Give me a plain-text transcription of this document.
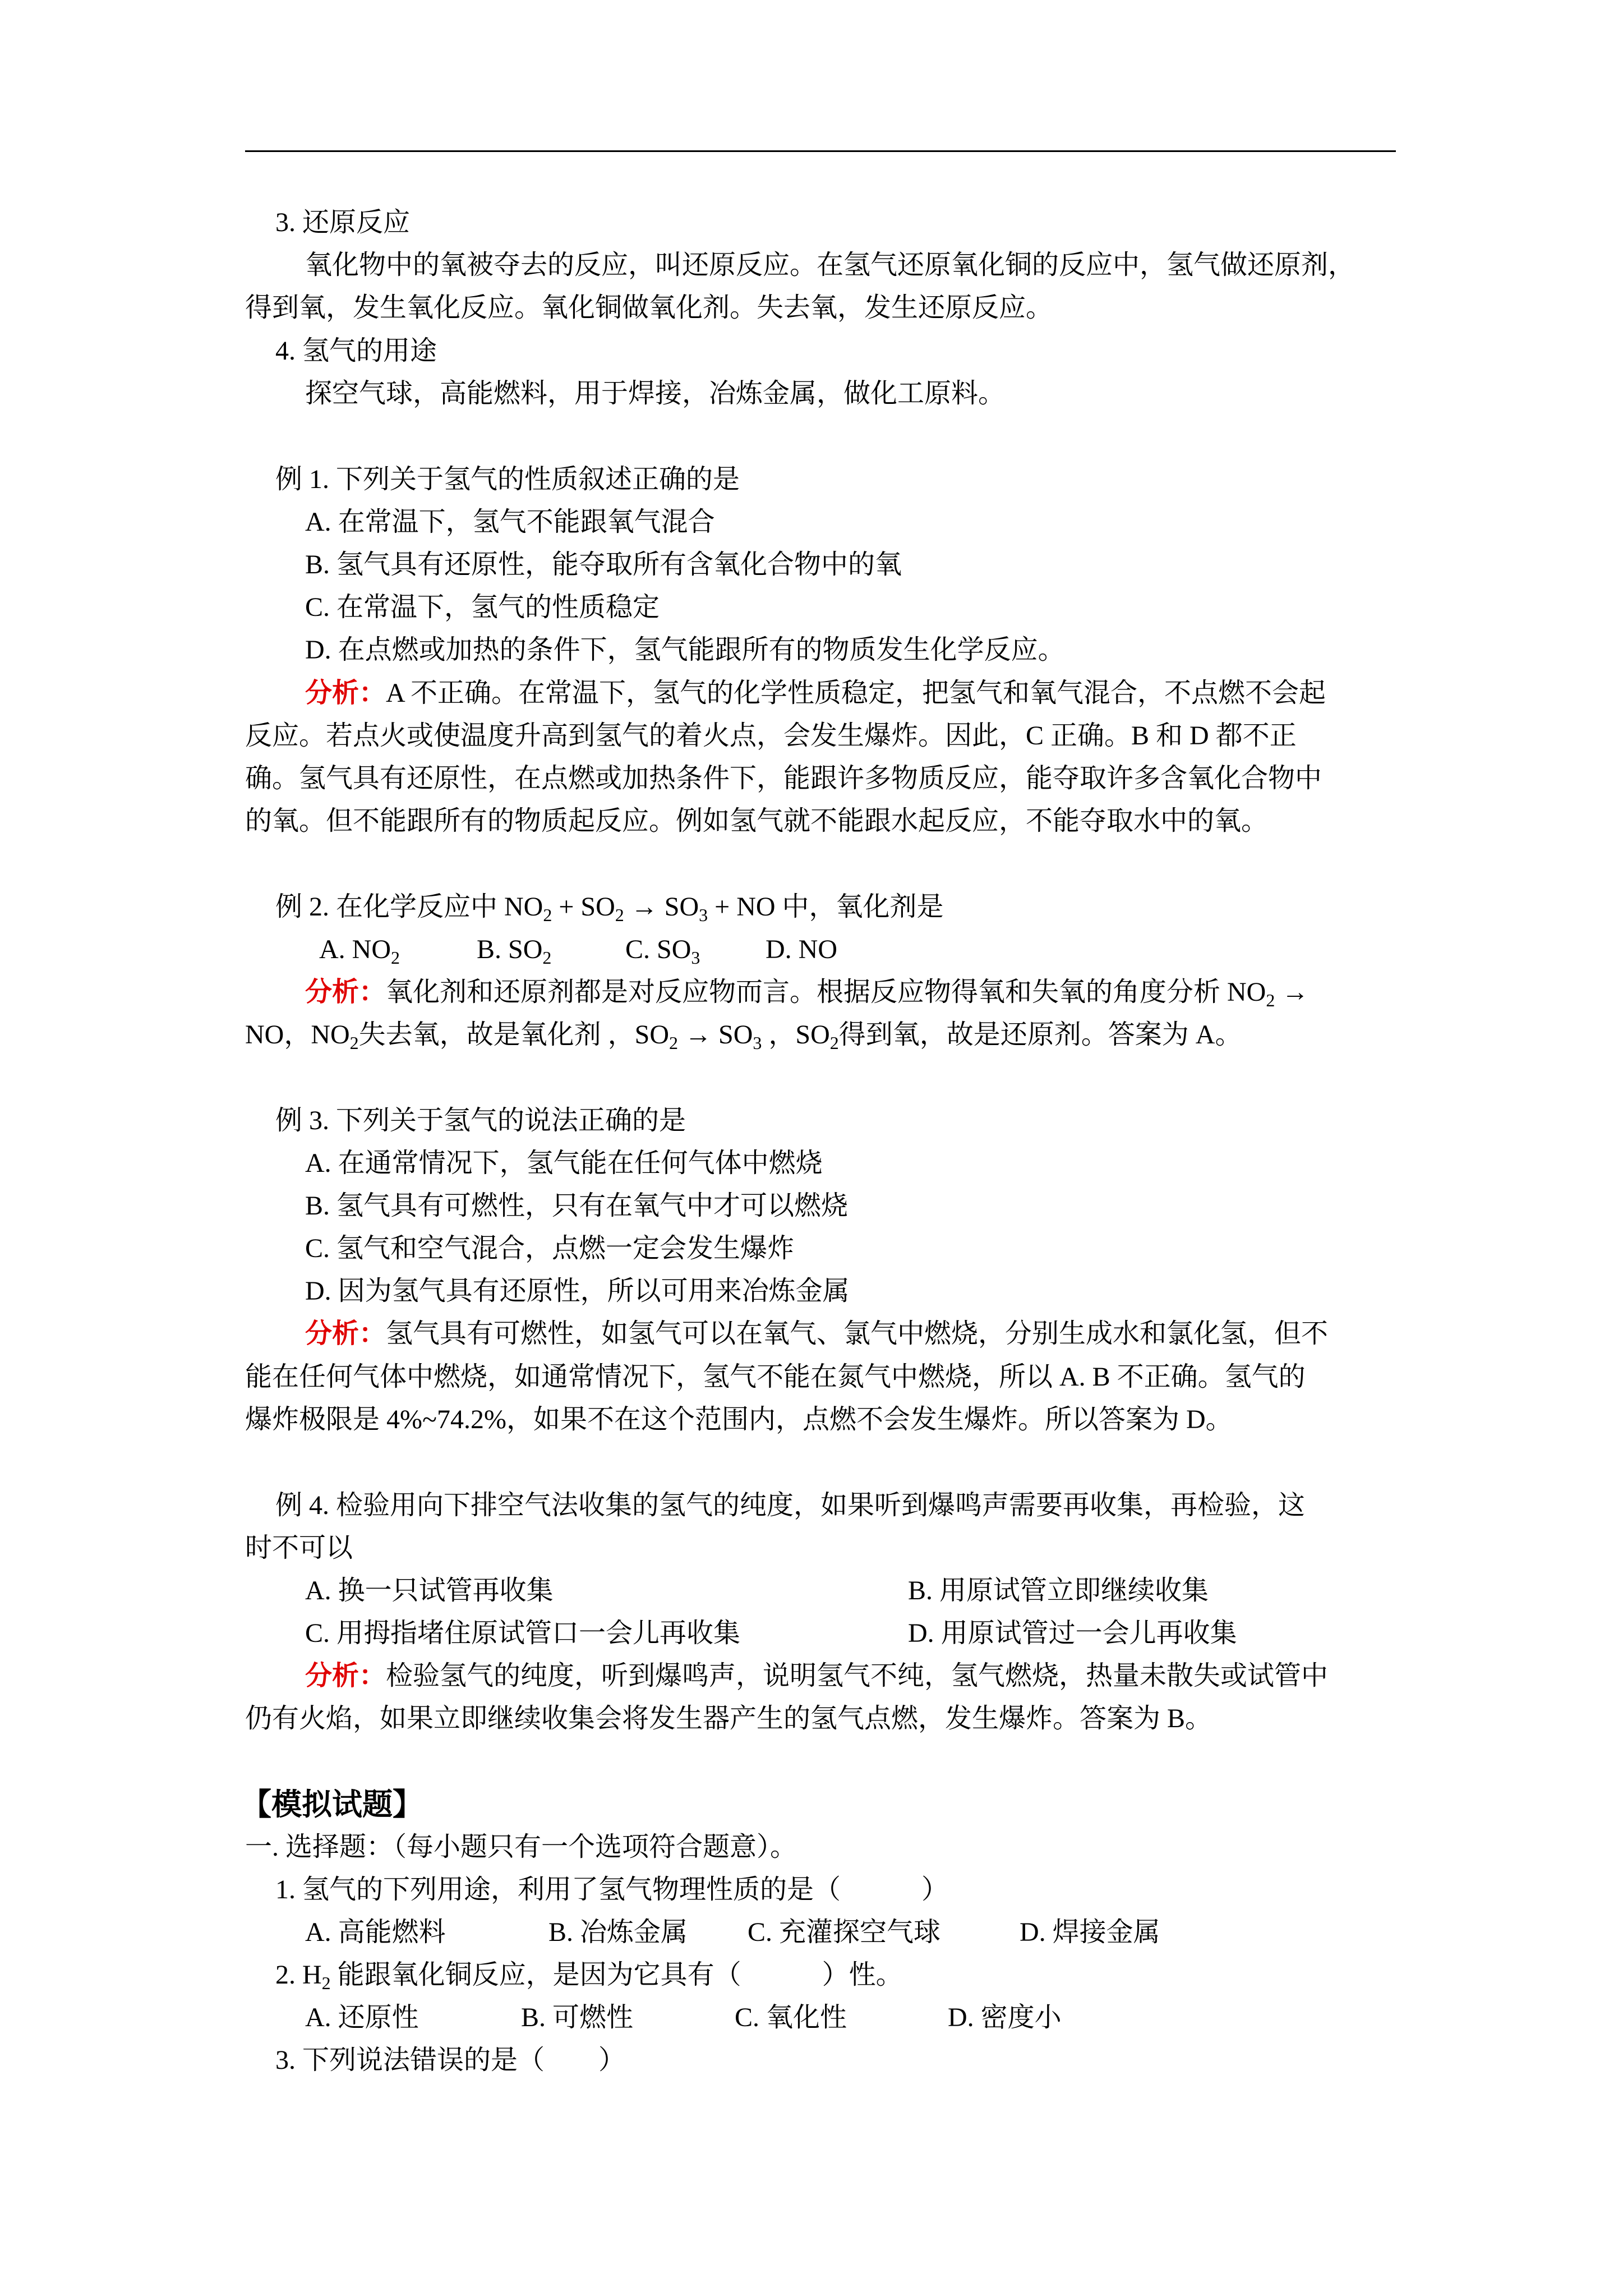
3. 还原反应
氧化物中的氧被夺去的反应，叫还原反应。在氢气还原氧化铜的反应中，氢气做还原剂，
得到氧，发生氧化反应。氧化铜做氧化剂。失去氧，发生还原反应。
4. 氢气的用途
探空气球，高能燃料，用于焊接，冶炼金属，做化工原料。
例 1. 下列关于氢气的性质叙述正确的是
A. 在常温下，氢气不能跟氧气混合
B. 氢气具有还原性，能夺取所有含氧化合物中的氧
C. 在常温下，氢气的性质稳定
D. 在点燃或加热的条件下，氢气能跟所有的物质发生化学反应。
分析：A 不正确。在常温下，氢气的化学性质稳定，把氢气和氧气混合，不点燃不会起
反应。若点火或使温度升高到氢气的着火点，会发生爆炸。因此，C 正确。B 和 D 都不正
确。氢气具有还原性，在点燃或加热条件下，能跟许多物质反应，能夺取许多含氧化合物中
的氧。但不能跟所有的物质起反应。例如氢气就不能跟水起反应，不能夺取水中的氧。
例 2. 在化学反应中 $NO_2 + SO_2 \to SO_3$ + NO 中，氧化剂是
A. $NO_2$	B. $SO_2$	C. $SO_3$ D. NO
分析：氧化剂和还原剂都是对反应物而言。根据反应物得氧和失氧的角度分析 $NO_2$ →
NO，$NO_2$失去氧，故是氧化剂 ，$SO_2 \to SO_3$ ，$SO_2$得到氧，故是还原剂。答案为 A。
例 3. 下列关于氢气的说法正确的是
A. 在通常情况下，氢气能在任何气体中燃烧
B. 氢气具有可燃性，只有在氧气中才可以燃烧
C. 氢气和空气混合，点燃一定会发生爆炸
D. 因为氢气具有还原性，所以可用来冶炼金属
分析：氢气具有可燃性，如氢气可以在氧气、氯气中燃烧，分别生成水和氯化氢，但不
能在任何气体中燃烧，如通常情况下，氢气不能在氮气中燃烧，所以 A. B 不正确。氢气的
爆炸极限是 4%~74.2%，如果不在这个范围内，点燃不会发生爆炸。所以答案为 D。
例 4. 检验用向下排空气法收集的氢气的纯度，如果听到爆鸣声需要再收集，再检验，这
时不可以
A. 换一只试管再收集	B. 用原试管立即继续收集
C. 用拇指堵住原试管口一会儿再收集	D. 用原试管过一会儿再收集
分析：检验氢气的纯度，听到爆鸣声，说明氢气不纯，氢气燃烧，热量未散失或试管中
仍有火焰，如果立即继续收集会将发生器产生的氢气点燃，发生爆炸。答案为 B。
【模拟试题】
一. 选择题：（每小题只有一个选项符合题意）。
1. 氢气的下列用途，利用了氢气物理性质的是（　　　）
A. 高能燃料	B. 冶炼金属 C. 充灌探空气球	D. 焊接金属
2. $H_2$ 能跟氧化铜反应，是因为它具有（　　　）性。
A. 还原性	B. 可燃性	C. 氧化性	D. 密度小
3. 下列说法错误的是（　　）
